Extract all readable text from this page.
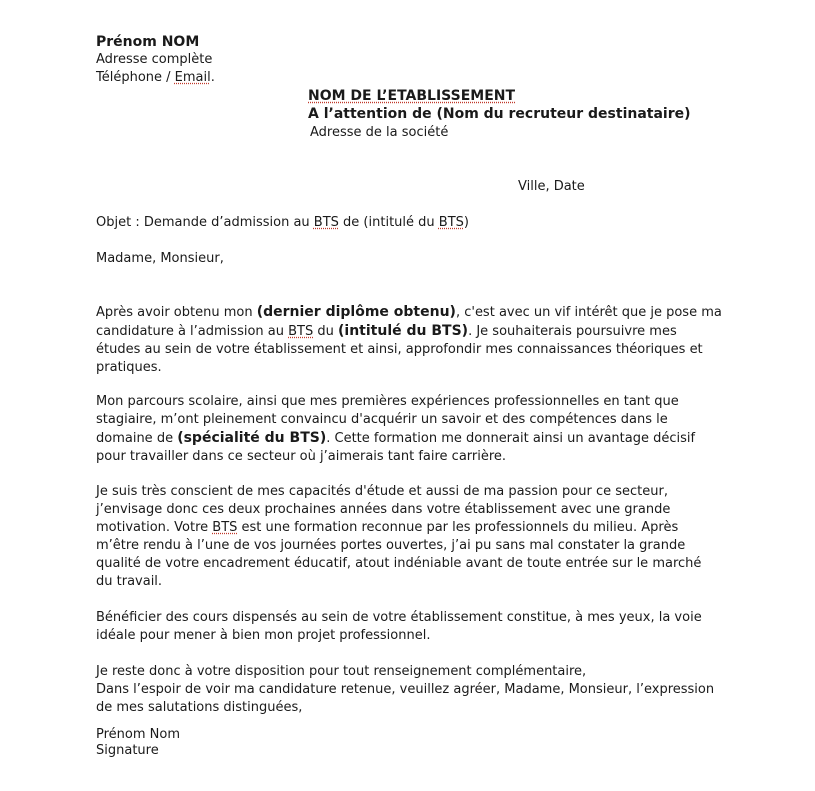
Prénom NOM

Adresse complète

Téléphone / Email.

NOM DE L’ETABLISSEMENT

A l’attention de (Nom du recruteur destinataire)

Adresse de la société

Ville, Date

Objet : Demande d’admission au BTS de (intitulé du BTS)

Madame, Monsieur,

Après avoir obtenu mon (dernier diplôme obtenu), c'est avec un vif intérêt que je pose ma
candidature à l’admission au BTS du (intitulé du BTS). Je souhaiterais poursuivre mes
études au sein de votre établissement et ainsi, approfondir mes connaissances théoriques et
pratiques.
Mon parcours scolaire, ainsi que mes premières expériences professionnelles en tant que
stagiaire, m’ont pleinement convaincu d'acquérir un savoir et des compétences dans le
domaine de (spécialité du BTS). Cette formation me donnerait ainsi un avantage décisif
pour travailler dans ce secteur où j’aimerais tant faire carrière.
Je suis très conscient de mes capacités d'étude et aussi de ma passion pour ce secteur,
j’envisage donc ces deux prochaines années dans votre établissement avec une grande
motivation. Votre BTS est une formation reconnue par les professionnels du milieu. Après
m’être rendu à l’une de vos journées portes ouvertes, j’ai pu sans mal constater la grande
qualité de votre encadrement éducatif, atout indéniable avant de toute entrée sur le marché
du travail.
Bénéficier des cours dispensés au sein de votre établissement constitue, à mes yeux, la voie
idéale pour mener à bien mon projet professionnel.
Je reste donc à votre disposition pour tout renseignement complémentaire,
Dans l’espoir de voir ma candidature retenue, veuillez agréer, Madame, Monsieur, l’expression
de mes salutations distinguées,

Prénom Nom

Signature
